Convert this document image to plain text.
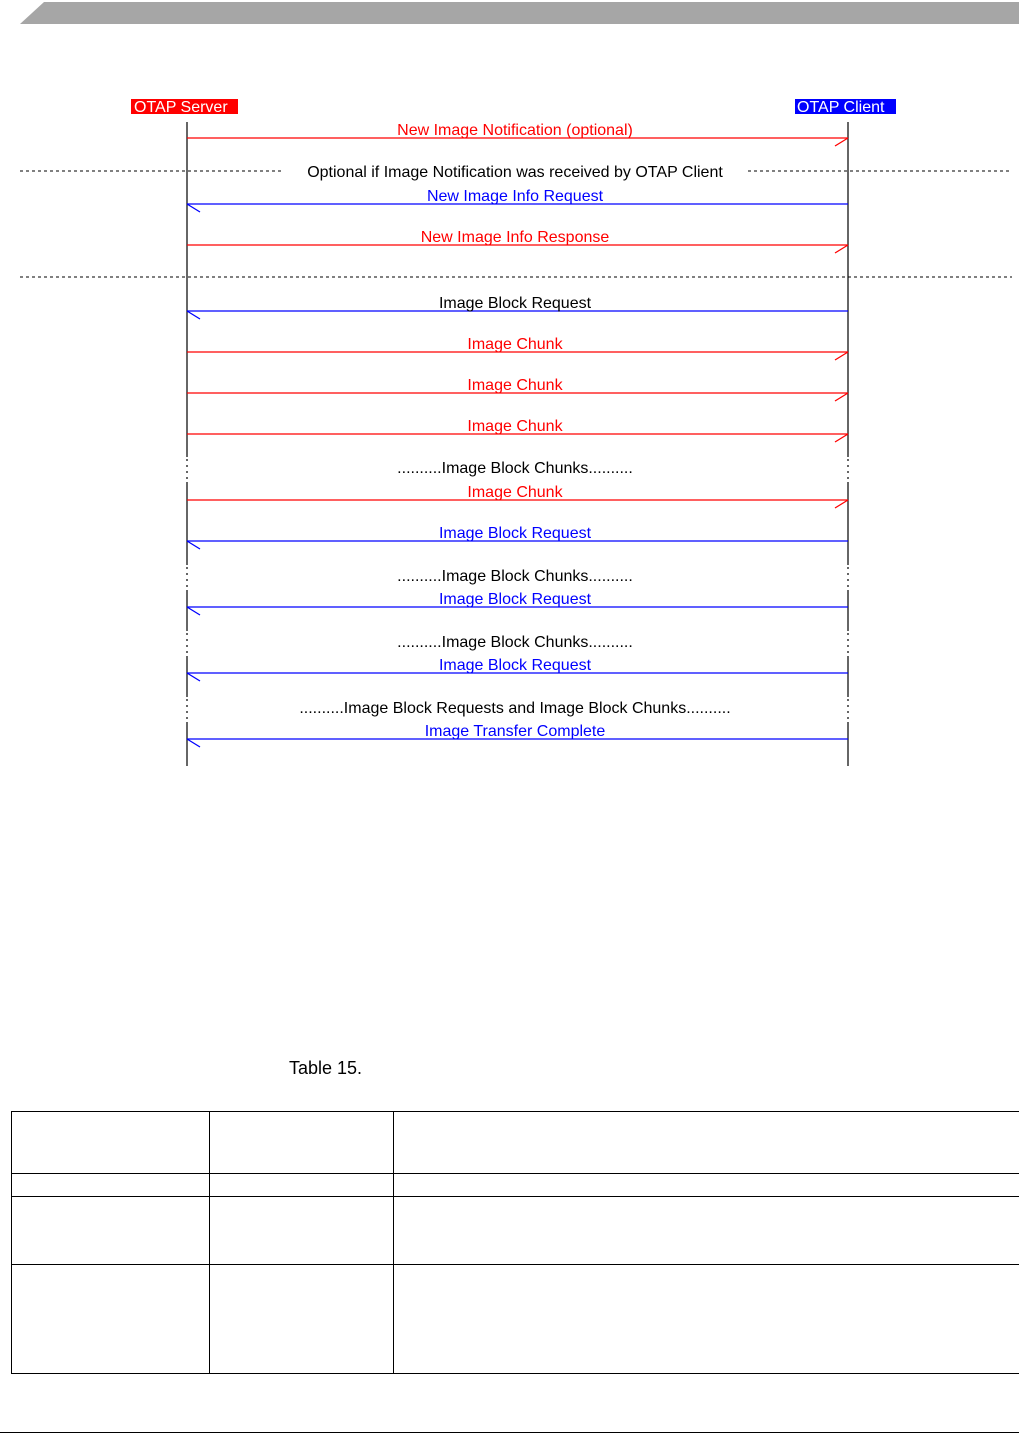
OTAP Server	OTAP Client
Optional if Image Notification was received by OTAP Client
New Image Notification (optional)
New Image Info Request
New Image Info Response
Image Block Request
Image Chunk
Image Chunk
Image Chunk
Image Chunk
Image Block Request
Image Block Request
Image Block Request
Image Transfer Complete
..........Image Block Chunks..........
..........Image Block Chunks..........
..........Image Block Chunks..........
..........Image Block Requests and Image Block Chunks..........
Table 15.
